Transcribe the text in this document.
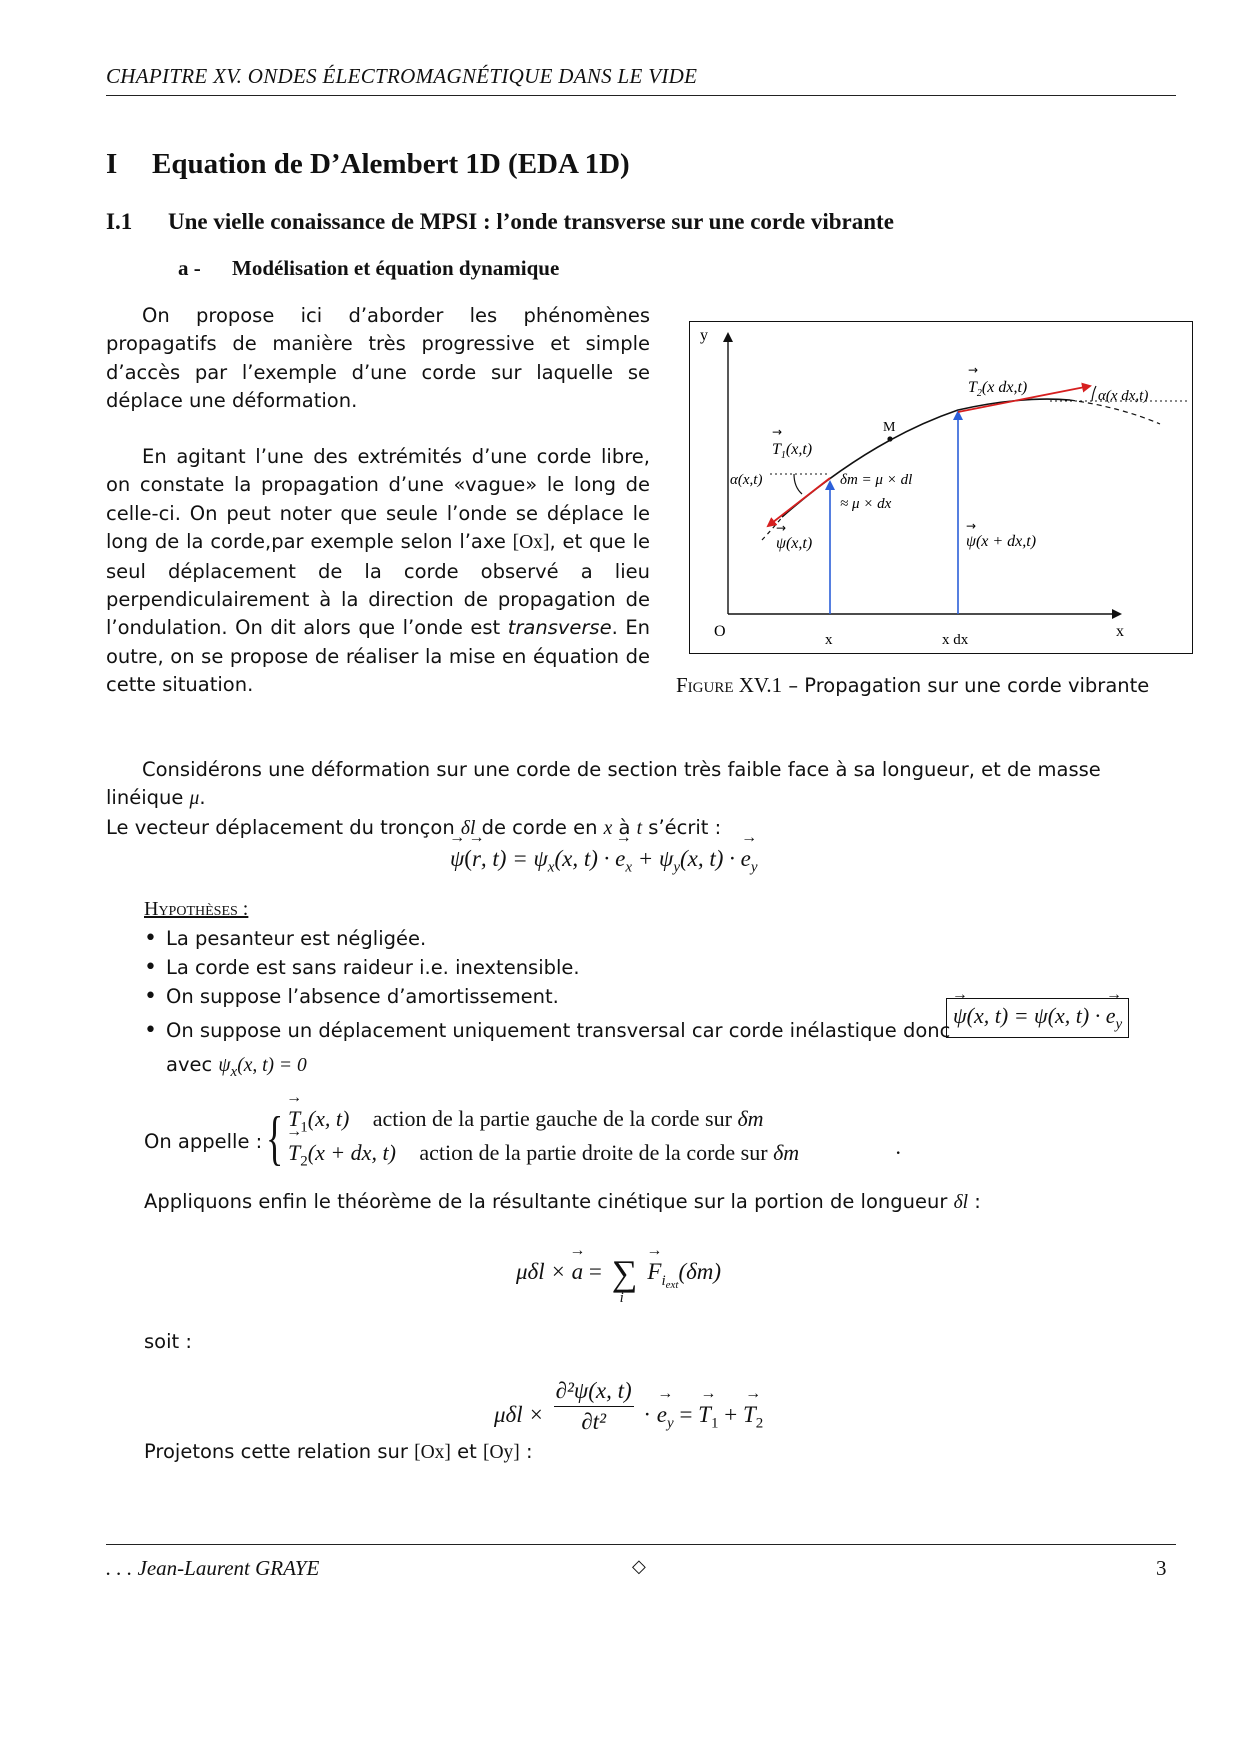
CHAPITRE XV. ONDES ÉLECTROMAGNÉTIQUE DANS LE VIDE
I Equation de D’Alembert 1D (EDA 1D)
I.1 Une vielle conaissance de MPSI : l’onde transverse sur une corde vibrante
a - Modélisation et équation dynamique

On propose ici d’aborder les phénomènes propagatifs de manière très progressive et simple d’accès par l’exemple d’une corde sur laquelle se déplace une déformation.

En agitant l’une des extrémités d’une corde libre, on constate la propagation d’une «vague» le long de celle-ci. On peut noter que seule l’onde se déplace le long de la corde,par exemple selon l’axe [Ox], et que le seul déplacement de la corde observé a lieu perpendiculairement à la direction de propagation de l’ondulation. On dit alors que l’onde est transverse. En outre, on se propose de réaliser la mise en équation de cette situation.

y
x
O	x	x dx
M
$T_1(x,t)$
$T_2(x$ dx,t)
→
→
α(x,t)
α(x dx,t)
δm = μ × dl
≈ μ × dx
ψ(x,t)	ψ(x + dx,t)
→	→
Figure XV.1 – Propagation sur une corde vibrante
Considérons une déformation sur une corde de section très faible face à sa longueur, et de masse linéique μ.
Le vecteur déplacement du tronçon δl de corde en x à t s’écrit :
→ ψ(→ r, $t) = \psi_x(x$, t) · → $e_x + \psi_y(x$, t) · → $e_y$
Hypothèses :
• La pesanteur est négligée.
• La corde est sans raideur i.e. inextensible.
• On suppose l’absence d’amortissement.
• On suppose un déplacement uniquement transversal car corde inélastique donc
avec $\psi_x(x$, t) = 0
→ ψ(x, t) = ψ(x, t) · → $e_y$
On appelle : {
→ $T_1(x$, t) action de la partie gauche de la corde sur δm
→ $T_2(x$ + dx, t) action de la partie droite de la corde sur δm	.
Appliquons enfin le théorème de la résultante cinétique sur la portion de longueur δl :
μδl × → a = ∑
i
→ $F_{i_{ext}}(\delta m)$
soit :
$\mu\delta l \times \frac{\text{∂²ψ(x, t)}}{\text{∂t²}}$ · → $e_y$ = → $T_1$ + → $T_2$
Projetons cette relation sur [Ox] et [Oy] :
. . . Jean-Laurent GRAYE	◇	3
